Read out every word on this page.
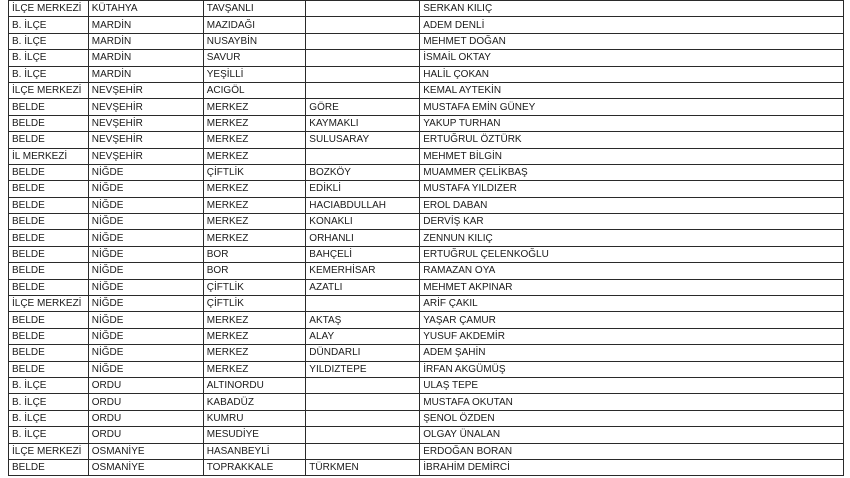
İLÇE MERKEZİ	KÜTAHYA	TAVŞANLI		SERKAN KILIÇ
B. İLÇE	MARDİN	MAZIDAĞI		ADEM DENLİ
B. İLÇE	MARDİN	NUSAYBİN		MEHMET DOĞAN
B. İLÇE	MARDİN	SAVUR		İSMAİL OKTAY
B. İLÇE	MARDİN	YEŞİLLİ		HALİL ÇOKAN
İLÇE MERKEZİ	NEVŞEHİR	ACIGÖL		KEMAL AYTEKİN
BELDE	NEVŞEHİR	MERKEZ	GÖRE	MUSTAFA EMİN GÜNEY
BELDE	NEVŞEHİR	MERKEZ	KAYMAKLI	YAKUP TURHAN
BELDE	NEVŞEHİR	MERKEZ	SULUSARAY	ERTUĞRUL ÖZTÜRK
İL MERKEZİ	NEVŞEHİR	MERKEZ		MEHMET BİLGİN
BELDE	NİĞDE	ÇİFTLİK	BOZKÖY	MUAMMER ÇELİKBAŞ
BELDE	NİĞDE	MERKEZ	EDİKLİ	MUSTAFA YILDIZER
BELDE	NİĞDE	MERKEZ	HACIABDULLAH	EROL DABAN
BELDE	NİĞDE	MERKEZ	KONAKLI	DERVİŞ KAR
BELDE	NİĞDE	MERKEZ	ORHANLI	ZENNUN KILIÇ
BELDE	NİĞDE	BOR	BAHÇELİ	ERTUĞRUL ÇELENKOĞLU
BELDE	NİĞDE	BOR	KEMERHİSAR	RAMAZAN OYA
BELDE	NİĞDE	ÇİFTLİK	AZATLI	MEHMET AKPINAR
İLÇE MERKEZİ	NİĞDE	ÇİFTLİK		ARİF ÇAKIL
BELDE	NİĞDE	MERKEZ	AKTAŞ	YAŞAR ÇAMUR
BELDE	NİĞDE	MERKEZ	ALAY	YUSUF AKDEMİR
BELDE	NİĞDE	MERKEZ	DÜNDARLI	ADEM ŞAHİN
BELDE	NİĞDE	MERKEZ	YILDIZTEPE	İRFAN AKGÜMÜŞ
B. İLÇE	ORDU	ALTINORDU		ULAŞ TEPE
B. İLÇE	ORDU	KABADÜZ		MUSTAFA OKUTAN
B. İLÇE	ORDU	KUMRU		ŞENOL ÖZDEN
B. İLÇE	ORDU	MESUDİYE		OLGAY ÜNALAN
İLÇE MERKEZİ	OSMANİYE	HASANBEYLİ		ERDOĞAN BORAN
BELDE	OSMANİYE	TOPRAKKALE	TÜRKMEN	İBRAHİM DEMİRCİ
